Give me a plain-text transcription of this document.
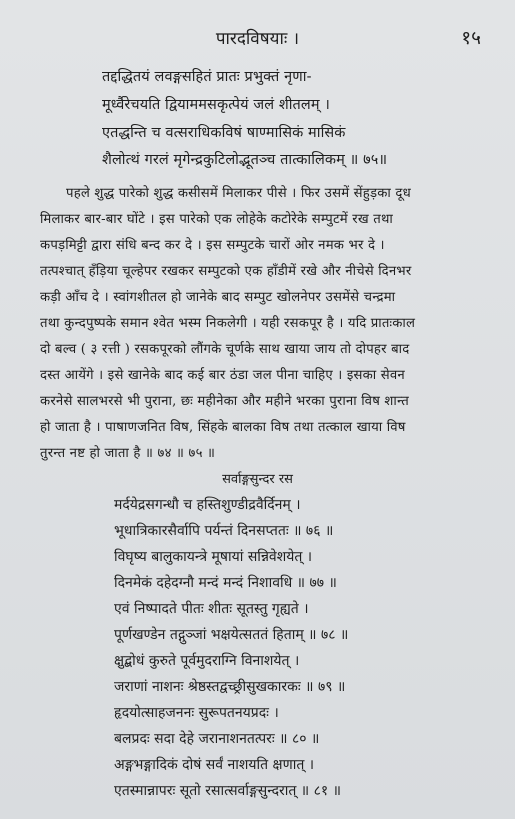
पारदविषयाः ।	१५
तद्दद्धितयं लवङ्गसहितं प्रातः प्रभुक्तं नृणा-
मूर्ध्वैरेचयति द्वियाममसकृत्पेयं जलं शीतलम् ।
एतद्धन्ति च वत्सराधिकविषं षाण्मासिकं मासिकं
शैलोत्थं गरलं मृगेन्द्रकुटिलोद्भूतञ्च तात्कालिकम् ॥ ७५॥
पहले शुद्ध पारेको शुद्ध कसीसमें मिलाकर पीसे । फिर उसमें सेंहुड़का दूध
मिलाकर बार-बार घोंटे । इस पारेको एक लोहेके कटोरेके सम्पुटमें रख तथा
कपड़मिट्टी द्वारा संधि बन्द कर दे । इस सम्पुटके चारों ओर नमक भर दे ।
तत्पश्चात् हँड़िया चूल्हेपर रखकर सम्पुटको एक हाँडीमें रखे और नीचेसे दिनभर
कड़ी आँच दे । स्वांगशीतल हो जानेके बाद सम्पुट खोलनेपर उसमेंसे चन्द्रमा
तथा कुन्दपुष्पके समान श्वेत भस्म निकलेगी । यही रसकपूर है । यदि प्रातःकाल
दो बल्व ( ३ रत्ती ) रसकपूरको लौंगके चूर्णके साथ खाया जाय तो दोपहर बाद
दस्त आयेंगे । इसे खानेके बाद कई बार ठंडा जल पीना चाहिए । इसका सेवन
करनेसे सालभरसे भी पुराना, छः महीनेका और महीने भरका पुराना विष शान्त
हो जाता है । पाषाणजनित विष, सिंहके बालका विष तथा तत्काल खाया विष
तुरन्त नष्ट हो जाता है ॥ ७४ ॥ ७५ ॥
सर्वाङ्गसुन्दर रस
मर्दयेद्रसगन्धौ च हस्तिशुण्डीद्रवैर्दिनम् ।
भूधात्रिकारसैर्वापि पर्यन्तं दिनसप्ततः ॥ ७६ ॥
विघृष्य बालुकायन्त्रे मूषायां सन्निवेशयेत् ।
दिनमेकं दहेदग्नौ मन्दं मन्दं निशावधि ॥ ७७ ॥
एवं निष्पादते पीतः शीतः सूतस्तु गृह्यते ।
पूर्णखण्डेन तद्गुञ्जां भक्षयेत्सततं हिताम् ॥ ७८ ॥
क्षुद्बोधं कुरुते पूर्वमुदराग्नि विनाशयेत् ।
जराणां नाशनः श्रेष्ठस्तद्वच्छ्रीसुखकारकः ॥ ७९ ॥
हृदयोत्साहजननः सुरूपतनयप्रदः ।
बलप्रदः सदा देहे जरानाशनतत्परः ॥ ८० ॥
अङ्गभङ्गादिकं दोषं सर्वं नाशयति क्षणात् ।
एतस्मान्नापरः सूतो रसात्सर्वाङ्गसुन्दरात् ॥ ८१ ॥
